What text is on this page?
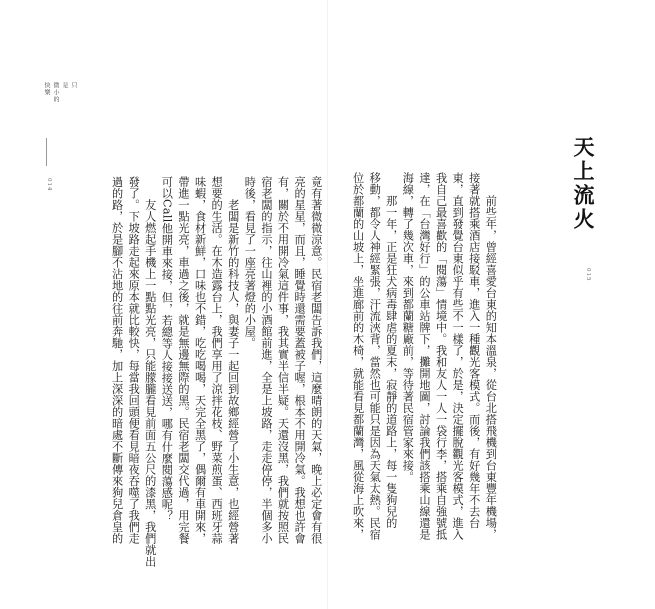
只
是
微小的
快樂
014	竟有著微微涼意。民宿老闆告訴我們，這麼晴朗的天氣，晚上必定會有很
亮的星星，而且，睡覺時還需要蓋被子喔，根本不用開冷氣。我想也許會
有，關於不用開冷氣這件事，我其實半信半疑。天還沒黑，我們就按照民
宿老闆的指示，往山裡的小酒館前進，全是上坡路，走走停停，半個多小
時後，看見了一座亮著燈的小屋。
　　老闆是新竹的科技人，與妻子一起回到故鄉經營了小生意，也經營著
想要的生活。在木造露台上，我們享用了涼拌花枝、野菜煎蛋、西班牙蒜
味蝦，食材新鮮，口味也不錯，吃吃喝喝，天完全黑了，偶爾有車開來，
帶進一點光亮，車過之後，就是無邊無際的黑。民宿老闆交代過，用完餐
可以Call他開車來接，但，若總等人接接送送，哪有什麼閱蕩感呢？
　　友人燃起手機上一點點光亮，只能朦朧看見前面五公尺的漆黑，我們就出
發了。下坡路走起來原本就比較快，每當我回頭便看見暗夜吞噬了我們走
過的路，於是腳不沾地的往前奔馳，加上深深的暗處不斷傳來狗兒倉皇的	天上流火
　　前些年，曾經喜愛台東的知本溫泉，從台北搭飛機到台東豐年機場，
接著就搭乘酒店接駁車，進入一種觀光客模式。而後，有好幾年不去台
東，直到發覺台東似乎有些不一樣了，於是，決定擺脫觀光客模式，進入
我自己最喜歡的「閱蕩」情境中。我和友人一人一袋行李，搭乘自強號抵
達，在「台灣好行」的公車站牌下，攤開地圖，討論我們該搭乘山線還是
海線，轉了幾次車，來到都蘭糖廠前，等待著民宿管家來接。
　　那一年，正是狂犬病毒肆虐的夏末，寂靜的道路上，每一隻狗兒的
移動，都令人神經緊張，汗流浹背，當然也可能只是因為天氣太熱。民宿
位於都蘭的山坡上，坐進廊前的木椅，就能看見都蘭灣，風從海上吹來，	015
